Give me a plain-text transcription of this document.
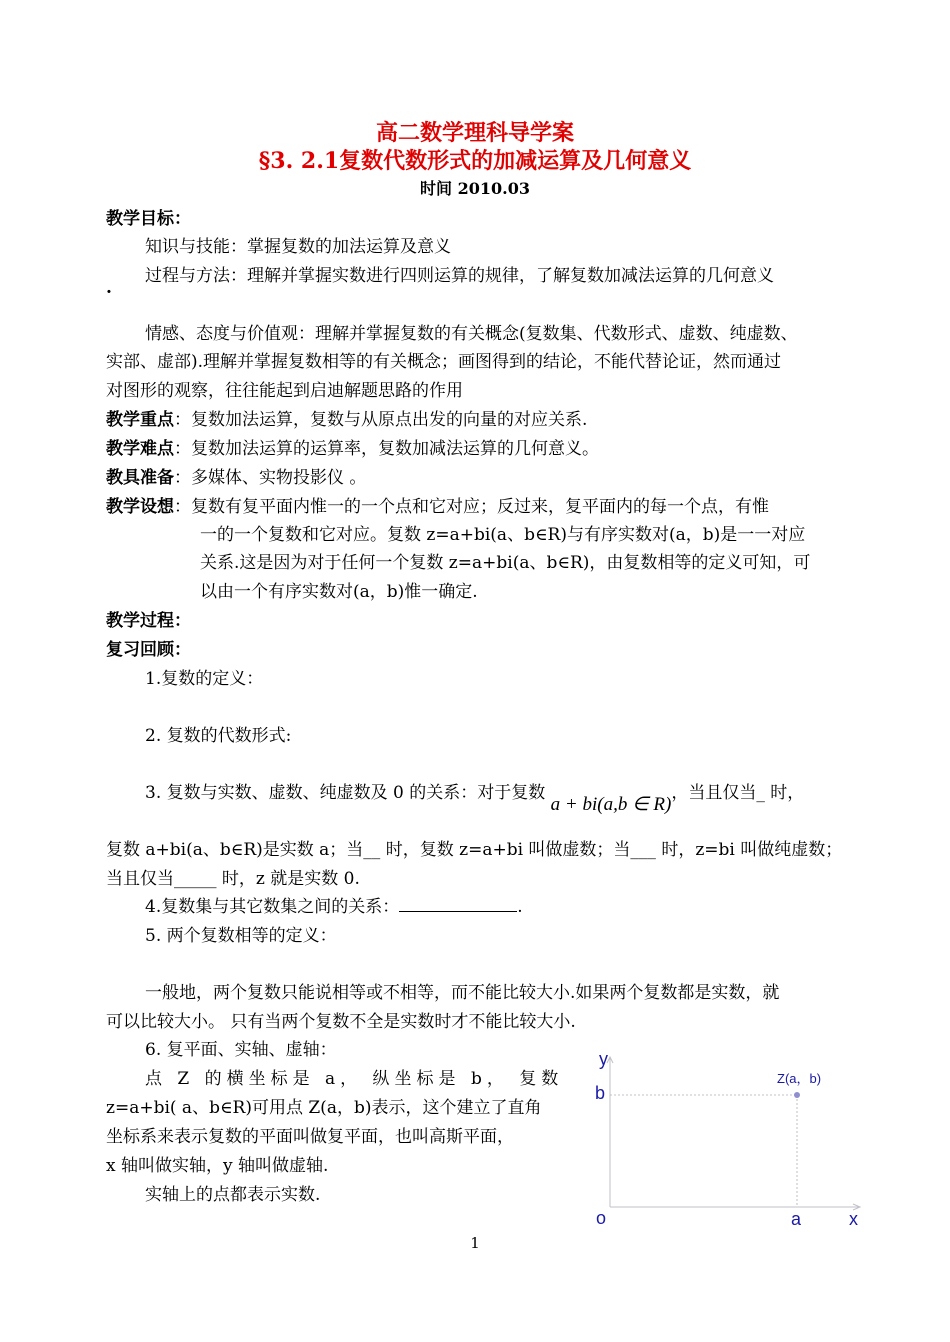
高二数学理科导学案
§3. 2.1复数代数形式的加减运算及几何意义
时间 2010.03
教学目标：
知识与技能：掌握复数的加法运算及意义
过程与方法：理解并掌握实数进行四则运算的规律，了解复数加减法运算的几何意义
.
情感、态度与价值观：理解并掌握复数的有关概念(复数集、代数形式、虚数、纯虚数、
实部、虚部).理解并掌握复数相等的有关概念；画图得到的结论，不能代替论证，然而通过
对图形的观察，往往能起到启迪解题思路的作用
教学重点：复数加法运算，复数与从原点出发的向量的对应关系.
教学难点：复数加法运算的运算率，复数加减法运算的几何意义。
教具准备：多媒体、实物投影仪 。
教学设想：复数有复平面内惟一的一个点和它对应；反过来，复平面内的每一个点，有惟
一的一个复数和它对应。复数 z=a+bi(a、b∈R)与有序实数对(a，b)是一一对应
关系.这是因为对于任何一个复数 z=a+bi(a、b∈R)，由复数相等的定义可知，可
以由一个有序实数对(a，b)惟一确定.
教学过程：
复习回顾：
1.复数的定义：
2. 复数的代数形式:
3. 复数与实数、虚数、纯虚数及 0 的关系：对于复数 a + bi(a,b ∈ R)，当且仅当_ 时，
复数 a+bi(a、b∈R)是实数 a；当__ 时，复数 z=a+bi 叫做虚数；当___ 时，z=bi 叫做纯虚数；
当且仅当_____ 时，z 就是实数 0.
4.复数集与其它数集之间的关系：	.
5. 两个复数相等的定义：
一般地，两个复数只能说相等或不相等，而不能比较大小.如果两个复数都是实数，就
可以比较大小。 只有当两个复数不全是实数时才不能比较大小.
6. 复平面、实轴、虚轴：
点 Z 的横坐标是 a， 纵坐标是 b， 复数
z=a+bi( a、b∈R)可用点 Z(a，b)表示，这个建立了直角
坐标系来表示复数的平面叫做复平面，也叫高斯平面，
x 轴叫做实轴，y 轴叫做虚轴.
实轴上的点都表示实数.
y
b
o	a	x
Z(a，b)
1
